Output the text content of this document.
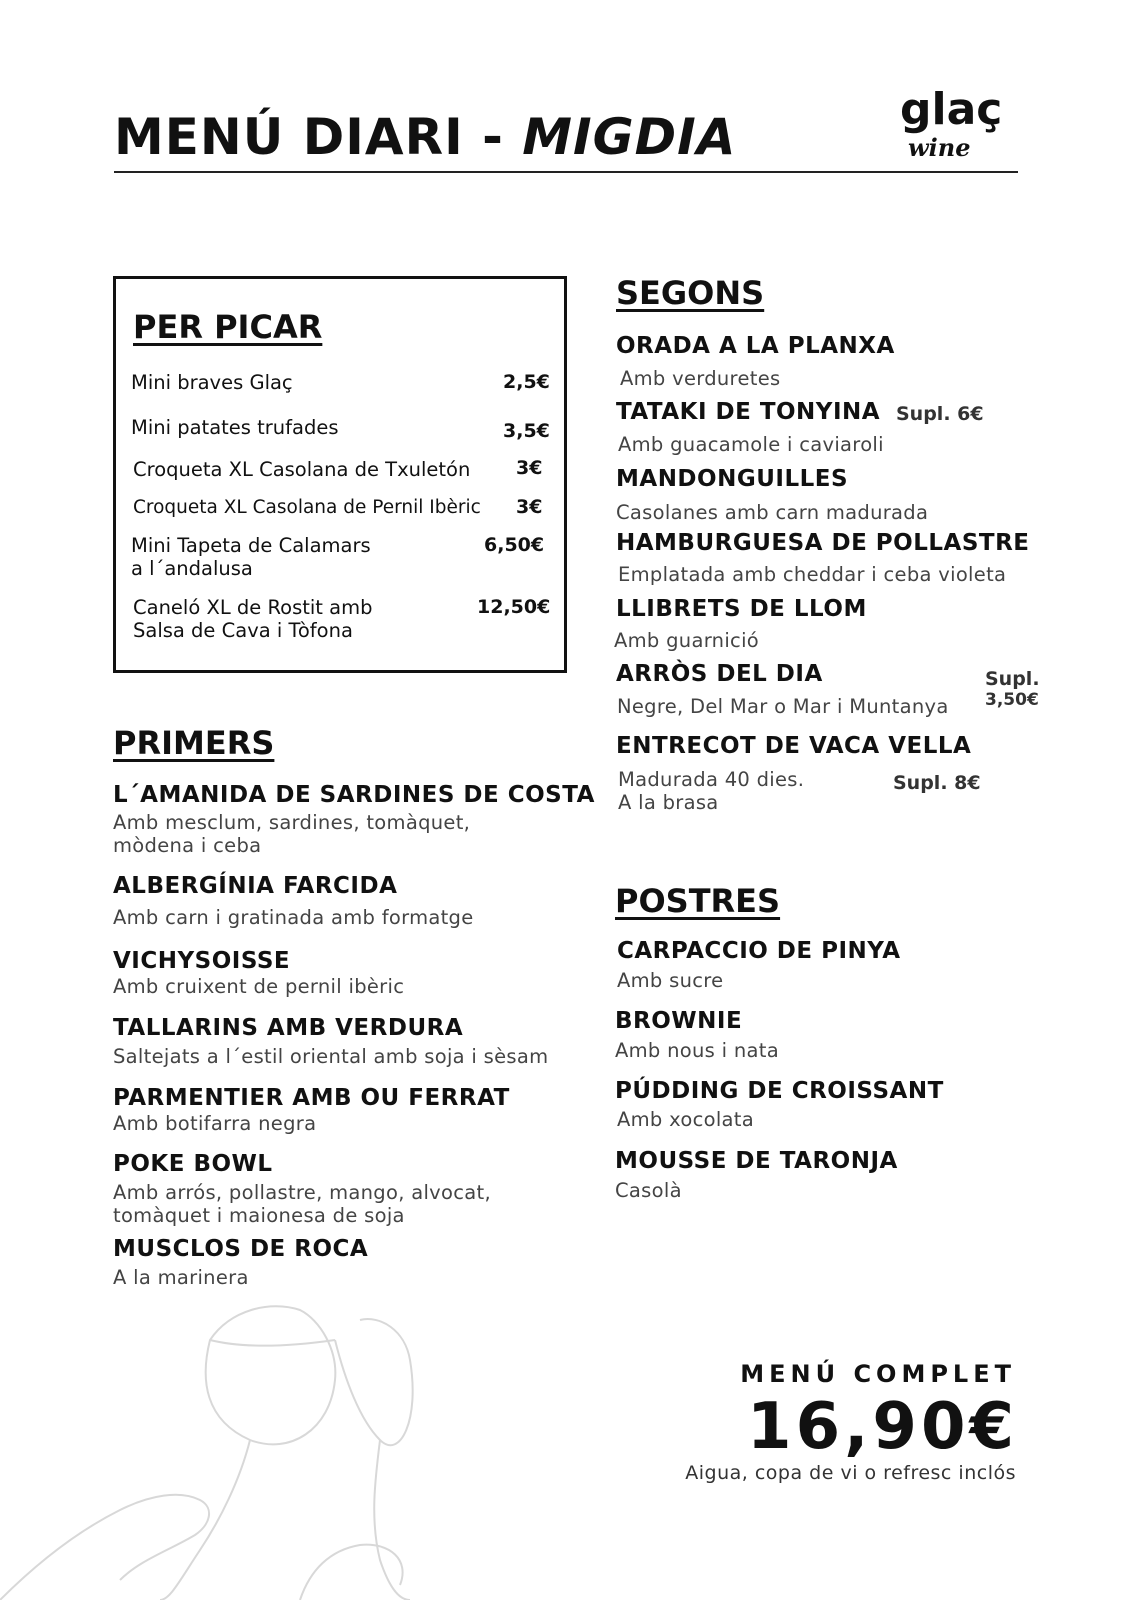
MENÚ DIARI - MIGDIA	glaç
wine
PER PICAR
Mini braves Glaç	2,5€
Mini patates trufades	3,5€
Croqueta XL Casolana de Txuletón 3€
Croqueta XL Casolana de Pernil Ibèric 3€
Mini Tapeta de Calamars
a l´andalusa
6,50€
Caneló XL de Rostit amb
Salsa de Cava i Tòfona
12,50€
PRIMERS
L´AMANIDA DE SARDINES DE COSTA
Amb mesclum, sardines, tomàquet,
mòdena i ceba
ALBERGÍNIA FARCIDA
Amb carn i gratinada amb formatge
VICHYSOISSE
Amb cruixent de pernil ibèric
TALLARINS AMB VERDURA
Saltejats a l´estil oriental amb soja i sèsam
PARMENTIER AMB OU FERRAT
Amb botifarra negra
POKE BOWL
Amb arrós, pollastre, mango, alvocat,
tomàquet i maionesa de soja
MUSCLOS DE ROCA
A la marinera
SEGONS
ORADA A LA PLANXA
Amb verduretes
TATAKI DE TONYINA Supl. 6€
Amb guacamole i caviaroli
MANDONGUILLES
Casolanes amb carn madurada
HAMBURGUESA DE POLLASTRE
Emplatada amb cheddar i ceba violeta
LLIBRETS DE LLOM
Amb guarnició
ARRÒS DEL DIA
Negre, Del Mar o Mar i Muntanya
Supl.
3,50€
ENTRECOT DE VACA VELLA
Madurada 40 dies.
A la brasa
Supl. 8€
POSTRES
CARPACCIO DE PINYA
Amb sucre
BROWNIE
Amb nous i nata
PÚDDING DE CROISSANT
Amb xocolata
MOUSSE DE TARONJA
Casolà
MENÚ COMPLET
16,90€
Aigua, copa de vi o refresc inclós
